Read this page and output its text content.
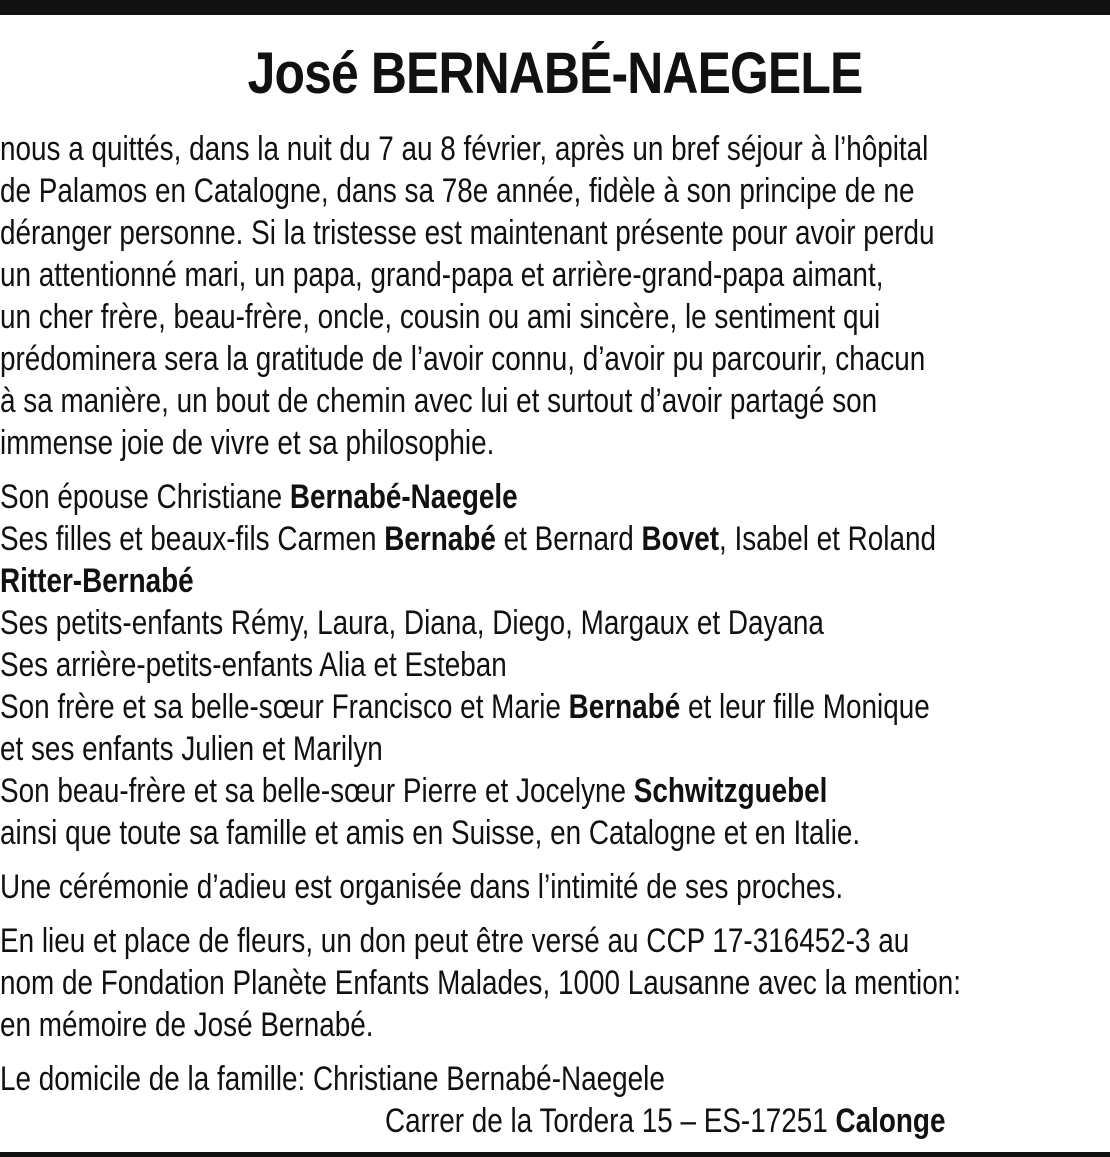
José BERNABÉ-NAEGELE
nous a quittés, dans la nuit du 7 au 8 février, après un bref séjour à l’hôpital
de Palamos en Catalogne, dans sa 78e année, fidèle à son principe de ne
déranger personne. Si la tristesse est maintenant présente pour avoir perdu
un attentionné mari, un papa, grand-papa et arrière-grand-papa aimant,
un cher frère, beau-frère, oncle, cousin ou ami sincère, le sentiment qui
prédominera sera la gratitude de l’avoir connu, d’avoir pu parcourir, chacun
à sa manière, un bout de chemin avec lui et surtout d’avoir partagé son
immense joie de vivre et sa philosophie.
Son épouse Christiane Bernabé-Naegele
Ses filles et beaux-fils Carmen Bernabé et Bernard Bovet, Isabel et Roland
Ritter-Bernabé
Ses petits-enfants Rémy, Laura, Diana, Diego, Margaux et Dayana
Ses arrière-petits-enfants Alia et Esteban
Son frère et sa belle-sœur Francisco et Marie Bernabé et leur fille Monique
et ses enfants Julien et Marilyn
Son beau-frère et sa belle-sœur Pierre et Jocelyne Schwitzguebel
ainsi que toute sa famille et amis en Suisse, en Catalogne et en Italie.
Une cérémonie d’adieu est organisée dans l’intimité de ses proches.
En lieu et place de fleurs, un don peut être versé au CCP 17-316452-3 au
nom de Fondation Planète Enfants Malades, 1000 Lausanne avec la mention:
en mémoire de José Bernabé.
Le domicile de la famille: Christiane Bernabé-Naegele
Carrer de la Tordera 15 – ES-17251 Calonge
